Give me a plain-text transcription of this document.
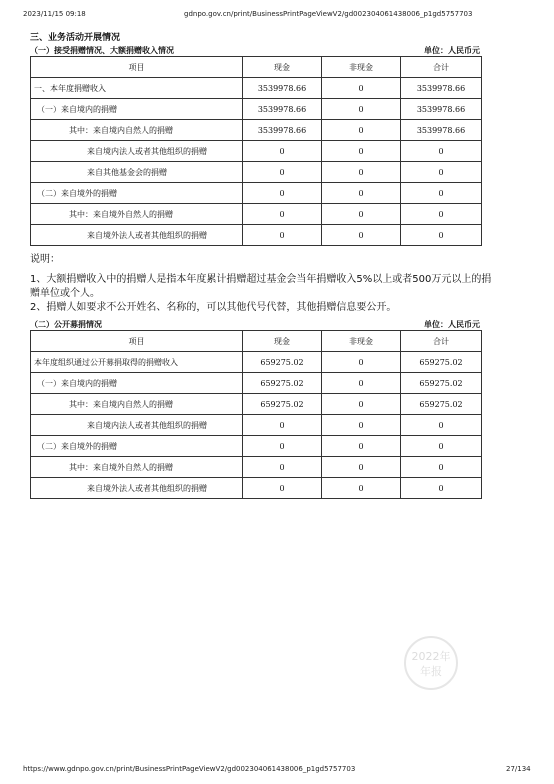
2023/11/15 09:18	gdnpo.gov.cn/print/BusinessPrintPageViewV2/gd002304061438006_p1gd5757703
三、业务活动开展情况
（一）接受捐赠情况、大额捐赠收入情况	单位：人民币元
项目	现金	非现金	合计
一、本年度捐赠收入	3539978.66	0	3539978.66
（一）来自境内的捐赠	3539978.66	0	3539978.66
其中：来自境内自然人的捐赠	3539978.66	0	3539978.66
来自境内法人或者其他组织的捐赠	0	0	0
来自其他基金会的捐赠	0	0	0
（二）来自境外的捐赠	0	0	0
其中：来自境外自然人的捐赠	0	0	0
来自境外法人或者其他组织的捐赠	0	0	0
说明：
1、大额捐赠收入中的捐赠人是指本年度累计捐赠超过基金会当年捐赠收入5%以上或者500万元以上的捐赠单位或个人。
2、捐赠人如要求不公开姓名、名称的，可以其他代号代替，其他捐赠信息要公开。
（二）公开募捐情况	单位：人民币元
项目	现金	非现金	合计
本年度组织通过公开募捐取得的捐赠收入	659275.02	0	659275.02
（一）来自境内的捐赠	659275.02	0	659275.02
其中：来自境内自然人的捐赠	659275.02	0	659275.02
来自境内法人或者其他组织的捐赠	0	0	0
（二）来自境外的捐赠	0	0	0
其中：来自境外自然人的捐赠	0	0	0
来自境外法人或者其他组织的捐赠	0	0	0
2022年
年报
https://www.gdnpo.gov.cn/print/BusinessPrintPageViewV2/gd002304061438006_p1gd5757703	27/134
